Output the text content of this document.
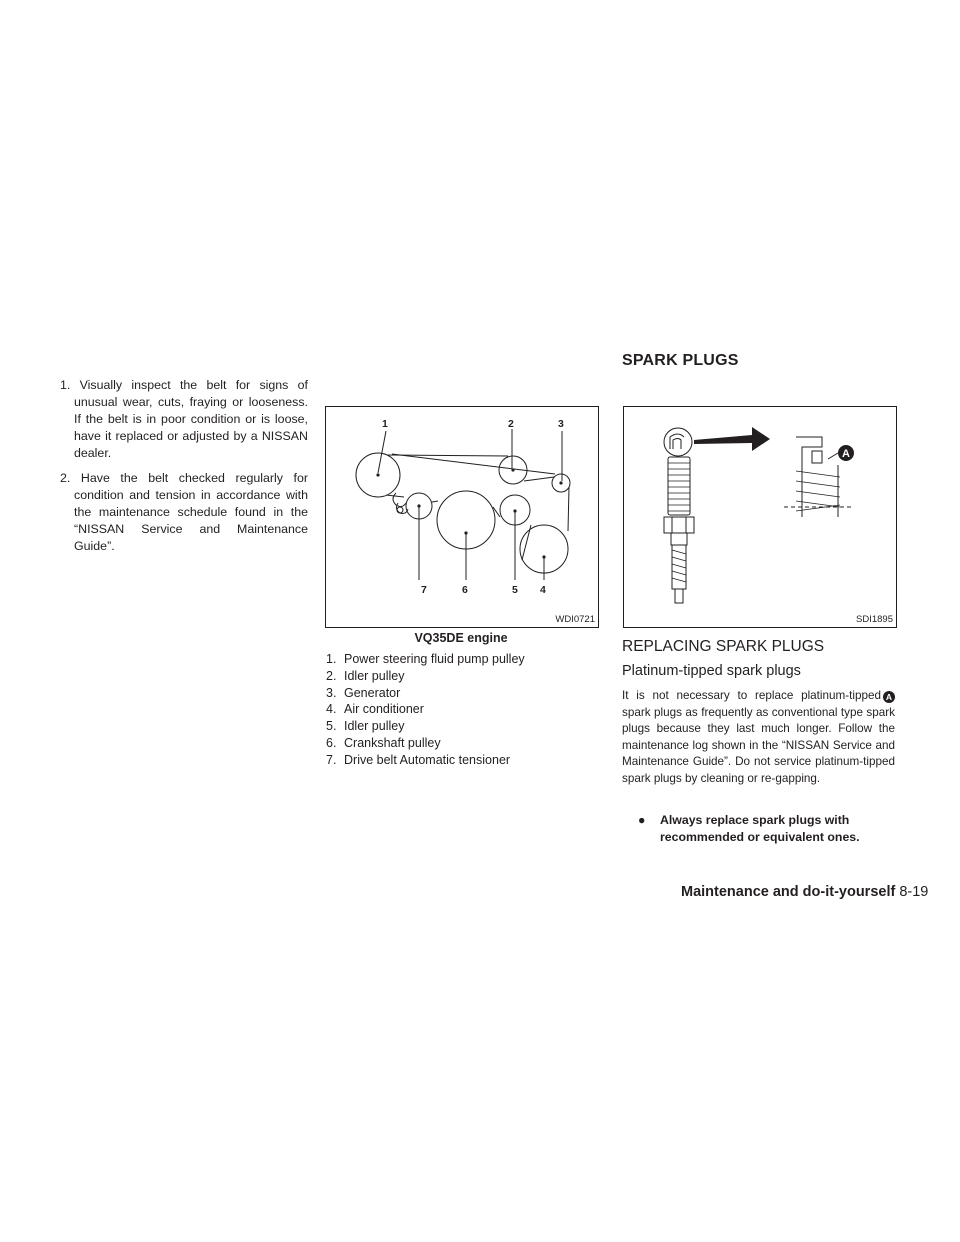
SPARK PLUGS
1. Visually inspect the belt for signs of unusual wear, cuts, fraying or looseness. If the belt is in poor condition or is loose, have it replaced or adjusted by a NISSAN dealer.
2. Have the belt checked regularly for condition and tension in accordance with the maintenance schedule found in the “NISSAN Service and Maintenance Guide”.
1	2	3
7	6	5 4
WDI0721
VQ35DE engine
1. Power steering fluid pump pulley
2. Idler pulley
3. Generator
4. Air conditioner
5. Idler pulley
6. Crankshaft pulley
7. Drive belt Automatic tensioner
A
SDI1895
REPLACING SPARK PLUGS
Platinum-tipped spark plugs
It is not necessary to replace platinum-tipped A spark plugs as frequently as conventional type spark plugs because they last much longer. Follow the maintenance log shown in the “NISSAN Service and Maintenance Guide”. Do not service platinum-tipped spark plugs by cleaning or re-gapping.
●	Always replace spark plugs with recommended or equivalent ones.
Maintenance and do-it-yourself 8-19
